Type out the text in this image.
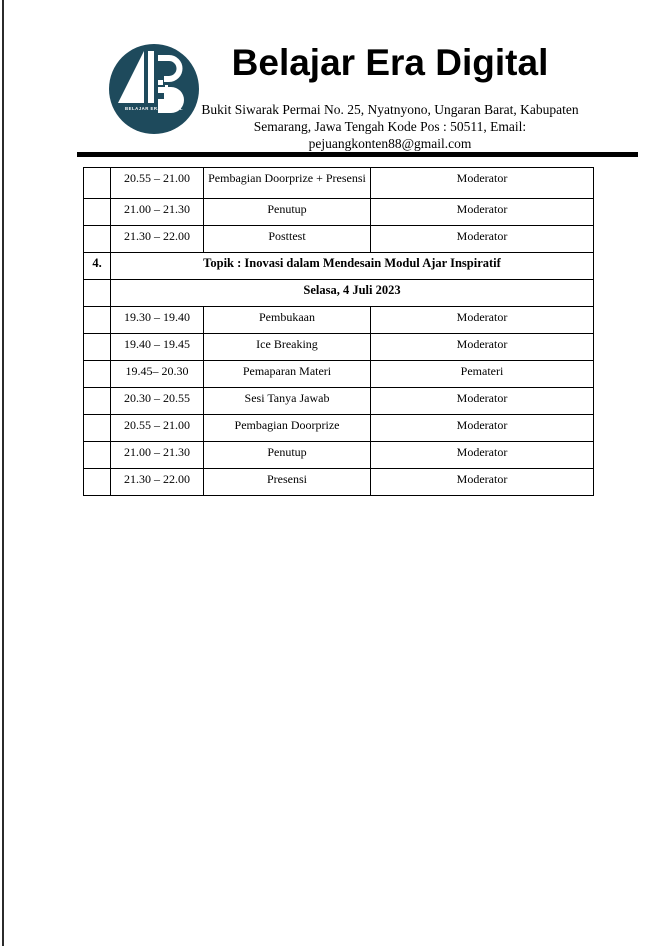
BELAJAR ERA DIGITAL
Belajar Era Digital
Bukit Siwarak Permai No. 25, Nyatnyono, Ungaran Barat, Kabupaten
Semarang, Jawa Tengah Kode Pos : 50511, Email:
pejuangkonten88@gmail.com
	20.55 – 21.00	Pembagian Doorprize + Presensi	Moderator
	21.00 – 21.30	Penutup	Moderator
	21.30 – 22.00	Posttest	Moderator
4.	Topik : Inovasi dalam Mendesain Modul Ajar Inspiratif		
	Selasa, 4 Juli 2023		
	19.30 – 19.40	Pembukaan	Moderator
	19.40 – 19.45	Ice Breaking	Moderator
	19.45– 20.30	Pemaparan Materi	Pemateri
	20.30 – 20.55	Sesi Tanya Jawab	Moderator
	20.55 – 21.00	Pembagian Doorprize	Moderator
	21.00 – 21.30	Penutup	Moderator
	21.30 – 22.00	Presensi	Moderator
